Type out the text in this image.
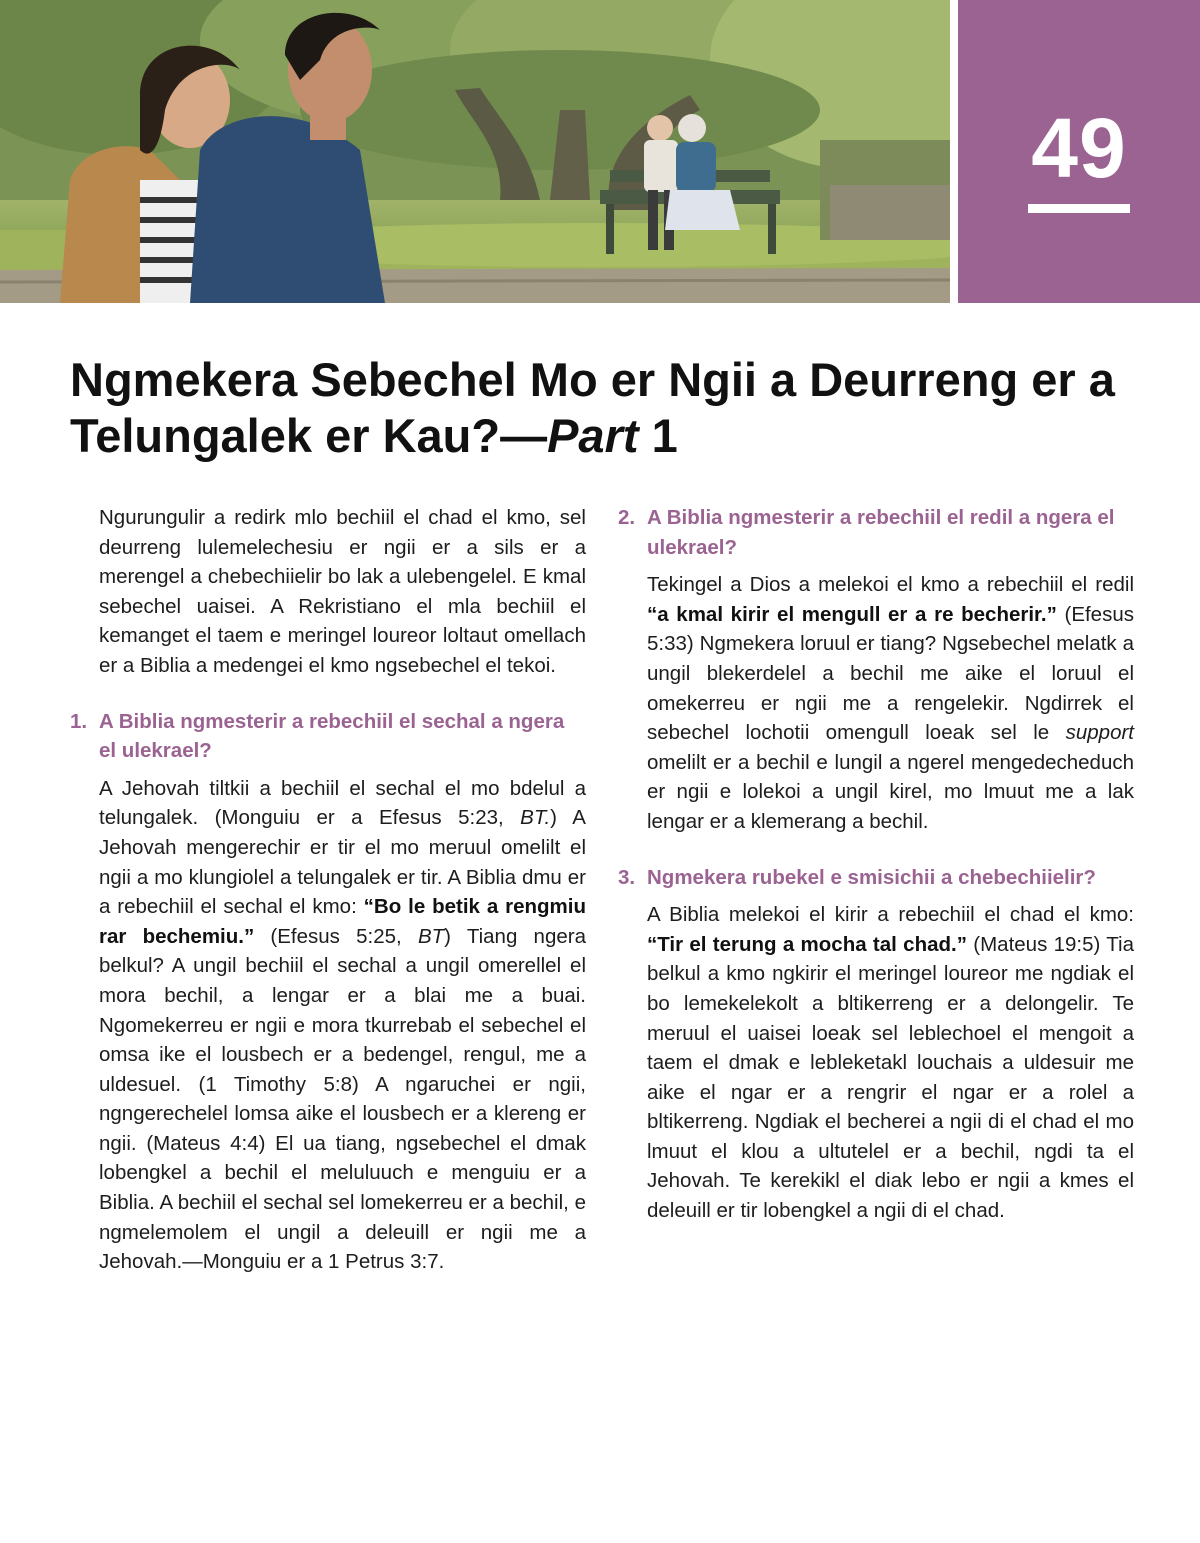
49
Ngmekera Sebechel Mo er Ngii a Deurreng er a Telungalek er Kau?—Part 1

Ngurungulir a redirk mlo bechiil el chad el kmo, sel deurreng lulemelechesiu er ngii er a sils er a merengel a chebechiielir bo lak a ulebengelel. E kmal sebechel uaisei. A Rekristiano el mla bechiil el kemanget el taem e meringel loureor loltaut omellach er a Biblia a medengei el kmo ngsebechel el tekoi.

1. A Biblia ngmesterir a rebechiil el sechal a ngera el ulekrael?

A Jehovah tiltkii a bechiil el sechal el mo bdelul a telungalek. (Monguiu er a Efesus 5:23, BT.) A Jehovah mengerechir er tir el mo meruul omelilt el ngii a mo klungiolel a telungalek er tir. A Biblia dmu er a rebechiil el sechal el kmo: “Bo le betik a rengmiu rar bechemiu.” (Efesus 5:25, BT) Tiang ngera belkul? A ungil bechiil el sechal a ungil omerellel el mora bechil, a lengar er a blai me a buai. Ngomekerreu er ngii e mora tkurrebab el sebechel el omsa ike el lousbech er a bedengel, rengul, me a uldesuel. (1 Timothy 5:8) A ngaruchei er ngii, ngngerechelel lomsa aike el lousbech er a klereng er ngii. (Mateus 4:4) El ua tiang, ngsebechel el dmak lobengkel a bechil el meluluuch e menguiu er a Biblia. A bechiil el sechal sel lomekerreu er a bechil, e ngmelemolem el ungil a deleuill er ngii me a Jehovah.—Monguiu er a 1 Petrus 3:7.

2. A Biblia ngmesterir a rebechiil el redil a ngera el ulekrael?

Tekingel a Dios a melekoi el kmo a rebechiil el redil “a kmal kirir el mengull er a re becherir.” (Efesus 5:33) Ngmekera loruul er tiang? Ngsebechel melatk a ungil blekerdelel a bechil me aike el loruul el omekerreu er ngii me a rengelekir. Ngdirrek el sebechel lochotii omengull loeak sel le support omelilt er a bechil e lungil a ngerel mengedecheduch er ngii e lolekoi a ungil kirel, mo lmuut me a lak lengar er a klemerang a bechil.

3. Ngmekera rubekel e smisichii a chebechiielir?

A Biblia melekoi el kirir a rebechiil el chad el kmo: “Tir el terung a mocha tal chad.” (Mateus 19:5) Tia belkul a kmo ngkirir el meringel loureor me ngdiak el bo lemekelekolt a bltikerreng er a delongelir. Te meruul el uaisei loeak sel leblechoel el mengoit a taem el dmak e lebleketakl louchais a uldesuir me aike el ngar er a rengrir el ngar er a rolel a bltikerreng. Ngdiak el becherei a ngii di el chad el mo lmuut el klou a ultutelel er a bechil, ngdi ta el Jehovah. Te kerekikl el diak lebo er ngii a kmes el deleuill er tir lobengkel a ngii di el chad.
